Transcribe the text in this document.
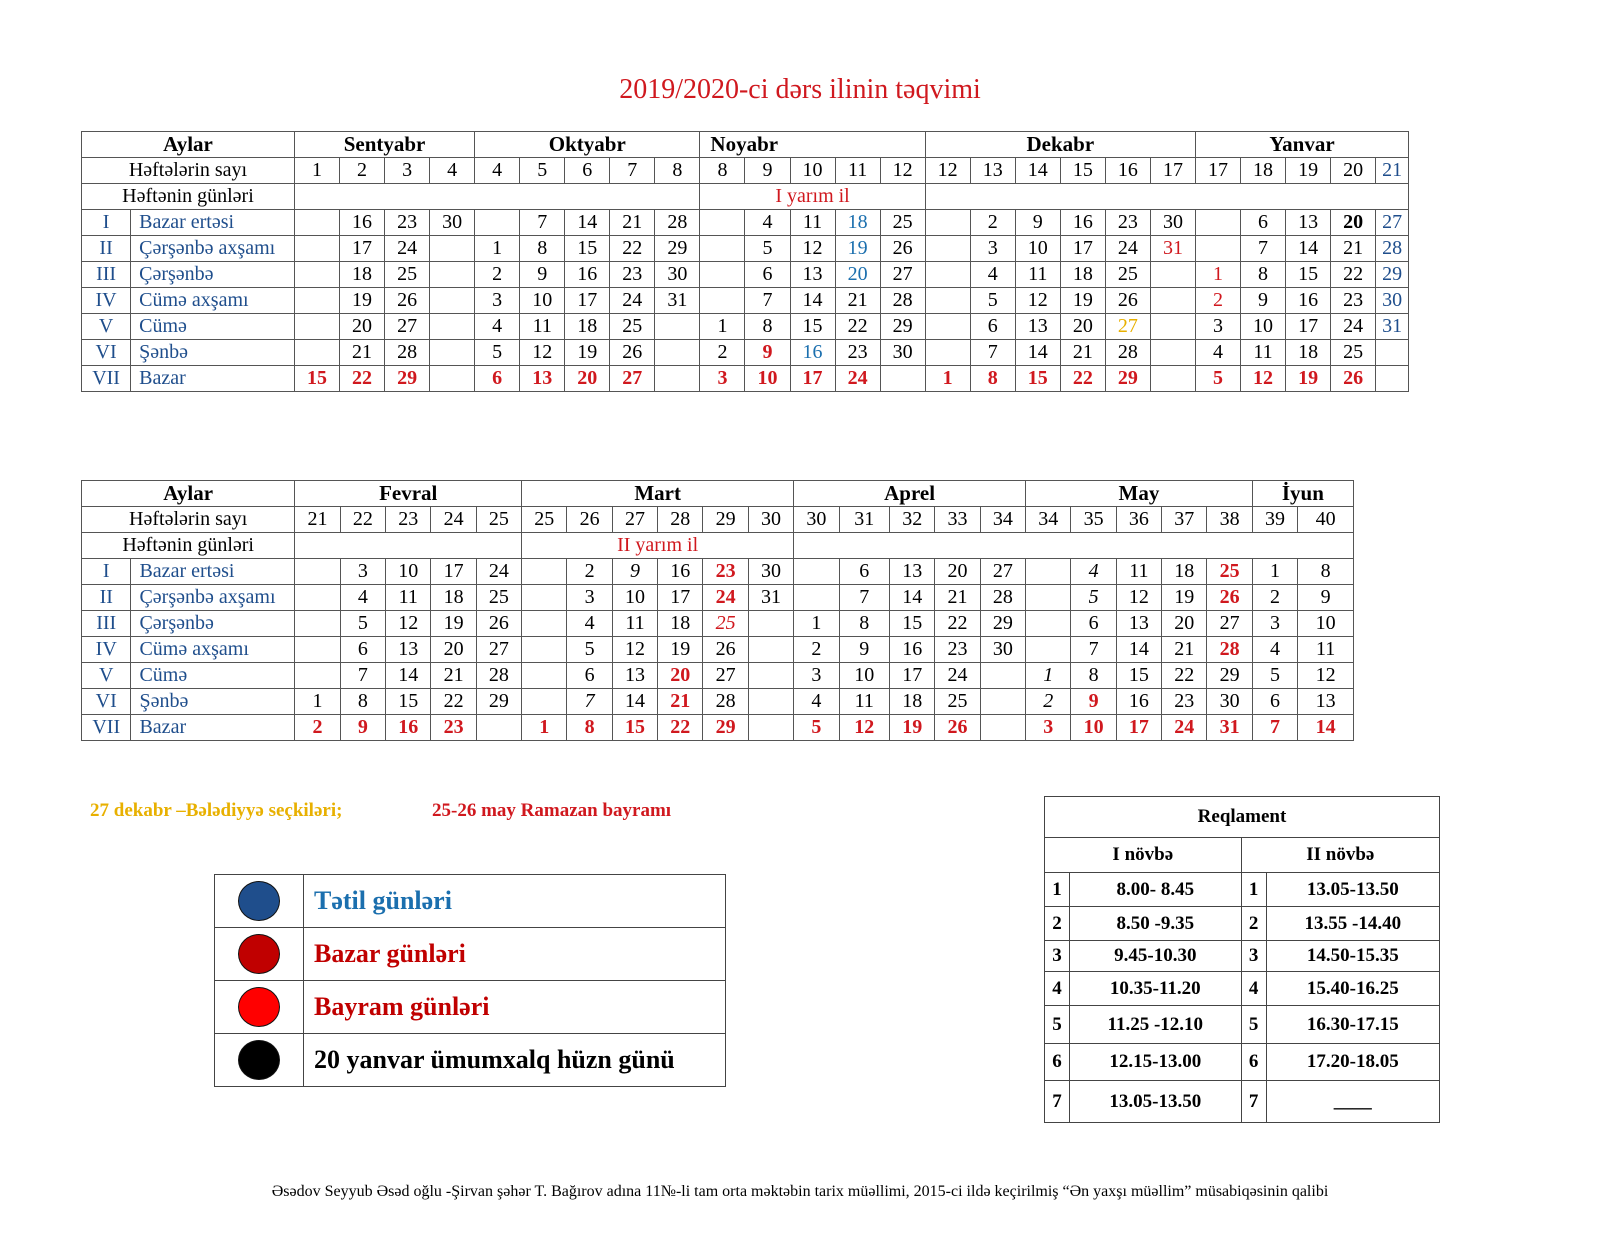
2019/2020-ci dərs ilinin təqvimi
Aylar		Sentyabr				Oktyabr					Noyabr					Dekabr						Yanvar				
Həftələrin sayı		1	2	3	4	4	5	6	7	8	8	9	10	11	12	12	13	14	15	16	17	17	18	19	20	21
Həftənin günləri											I yarım il															
I	Bazar ertəsi		16	23	30		7	14	21	28		4	11	18	25		2	9	16	23	30		6	13	20	27
II	Çərşənbə axşamı		17	24		1	8	15	22	29		5	12	19	26		3	10	17	24	31		7	14	21	28
III	Çərşənbə		18	25		2	9	16	23	30		6	13	20	27		4	11	18	25		1	8	15	22	29
IV	Cümə axşamı		19	26		3	10	17	24	31		7	14	21	28		5	12	19	26		2	9	16	23	30
V	Cümə		20	27		4	11	18	25		1	8	15	22	29		6	13	20	27		3	10	17	24	31
VI	Şənbə		21	28		5	12	19	26		2	9	16	23	30		7	14	21	28		4	11	18	25	
VII	Bazar	15	22	29		6	13	20	27		3	10	17	24		1	8	15	22	29		5	12	19	26	
Aylar		Fevral					Mart						Aprel					May					İyun	
Həftələrin sayı		21	22	23	24	25	25	26	27	28	29	30	30	31	32	33	34	34	35	36	37	38	39	40
Həftənin günləri							II yarım il																	
I	Bazar ertəsi		3	10	17	24		2	9	16	23	30		6	13	20	27		4	11	18	25	1	8
II	Çərşənbə axşamı		4	11	18	25		3	10	17	24	31		7	14	21	28		5	12	19	26	2	9
III	Çərşənbə		5	12	19	26		4	11	18	25		1	8	15	22	29		6	13	20	27	3	10
IV	Cümə axşamı		6	13	20	27		5	12	19	26		2	9	16	23	30		7	14	21	28	4	11
V	Cümə		7	14	21	28		6	13	20	27		3	10	17	24		1	8	15	22	29	5	12
VI	Şənbə	1	8	15	22	29		7	14	21	28		4	11	18	25		2	9	16	23	30	6	13
VII	Bazar	2	9	16	23		1	8	15	22	29		5	12	19	26		3	10	17	24	31	7	14
27 dekabr –Bələdiyyə seçkiləri;	25-26 may Ramazan bayramı
	Tətil günləri
	Bazar günləri
	Bayram günləri
	20 yanvar ümumxalq hüzn günü
Reqlament			
I növbə		II növbə	
1	8.00- 8.45	1	13.05-13.50
2	8.50 -9.35	2	13.55 -14.40
3	9.45-10.30	3	14.50-15.35
4	10.35-11.20	4	15.40-16.25
5	11.25 -12.10	5	16.30-17.15
6	12.15-13.00	6	17.20-18.05
7	13.05-13.50	7	____
Əsədov Seyyub Əsəd oğlu -Şirvan şəhər T. Bağırov adına 11№-li tam orta məktəbin tarix müəllimi, 2015-ci ildə keçirilmiş “Ən yaxşı müəllim” müsabiqəsinin qalibi
